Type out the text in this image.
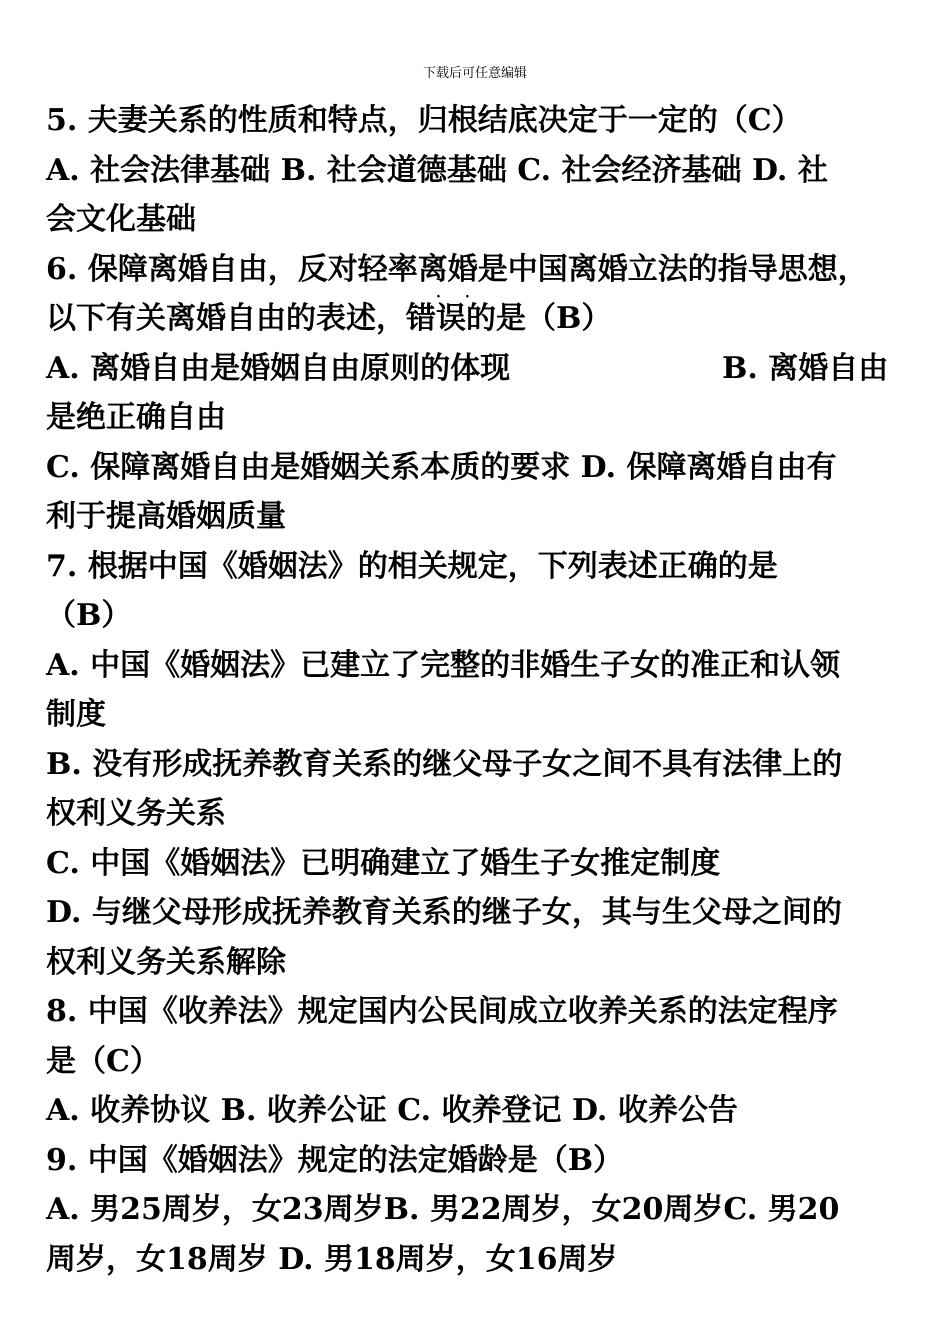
下载后可任意编辑
··
5. 夫妻关系的性质和特点，归根结底决定于一定的（C）
A. 社会法律基础 B. 社会道德基础 C. 社会经济基础 D. 社
会文化基础
6. 保障离婚自由，反对轻率离婚是中国离婚立法的指导思想，
以下有关离婚自由的表述，错误的是（B）
A. 离婚自由是婚姻自由原则的体现	B. 离婚自由
是绝正确自由
C. 保障离婚自由是婚姻关系本质的要求 D. 保障离婚自由有
利于提高婚姻质量
7. 根据中国《婚姻法》的相关规定，下列表述正确的是
（B）
A. 中国《婚姻法》已建立了完整的非婚生子女的准正和认领
制度
B. 没有形成抚养教育关系的继父母子女之间不具有法律上的
权利义务关系
C. 中国《婚姻法》已明确建立了婚生子女推定制度
D. 与继父母形成抚养教育关系的继子女，其与生父母之间的
权利义务关系解除
8. 中国《收养法》规定国内公民间成立收养关系的法定程序
是（C）
A. 收养协议 B. 收养公证 C. 收养登记 D. 收养公告
9. 中国《婚姻法》规定的法定婚龄是（B）
A. 男25周岁，女23周岁B. 男22周岁，女20周岁C. 男20
周岁，女18周岁 D. 男18周岁，女16周岁
